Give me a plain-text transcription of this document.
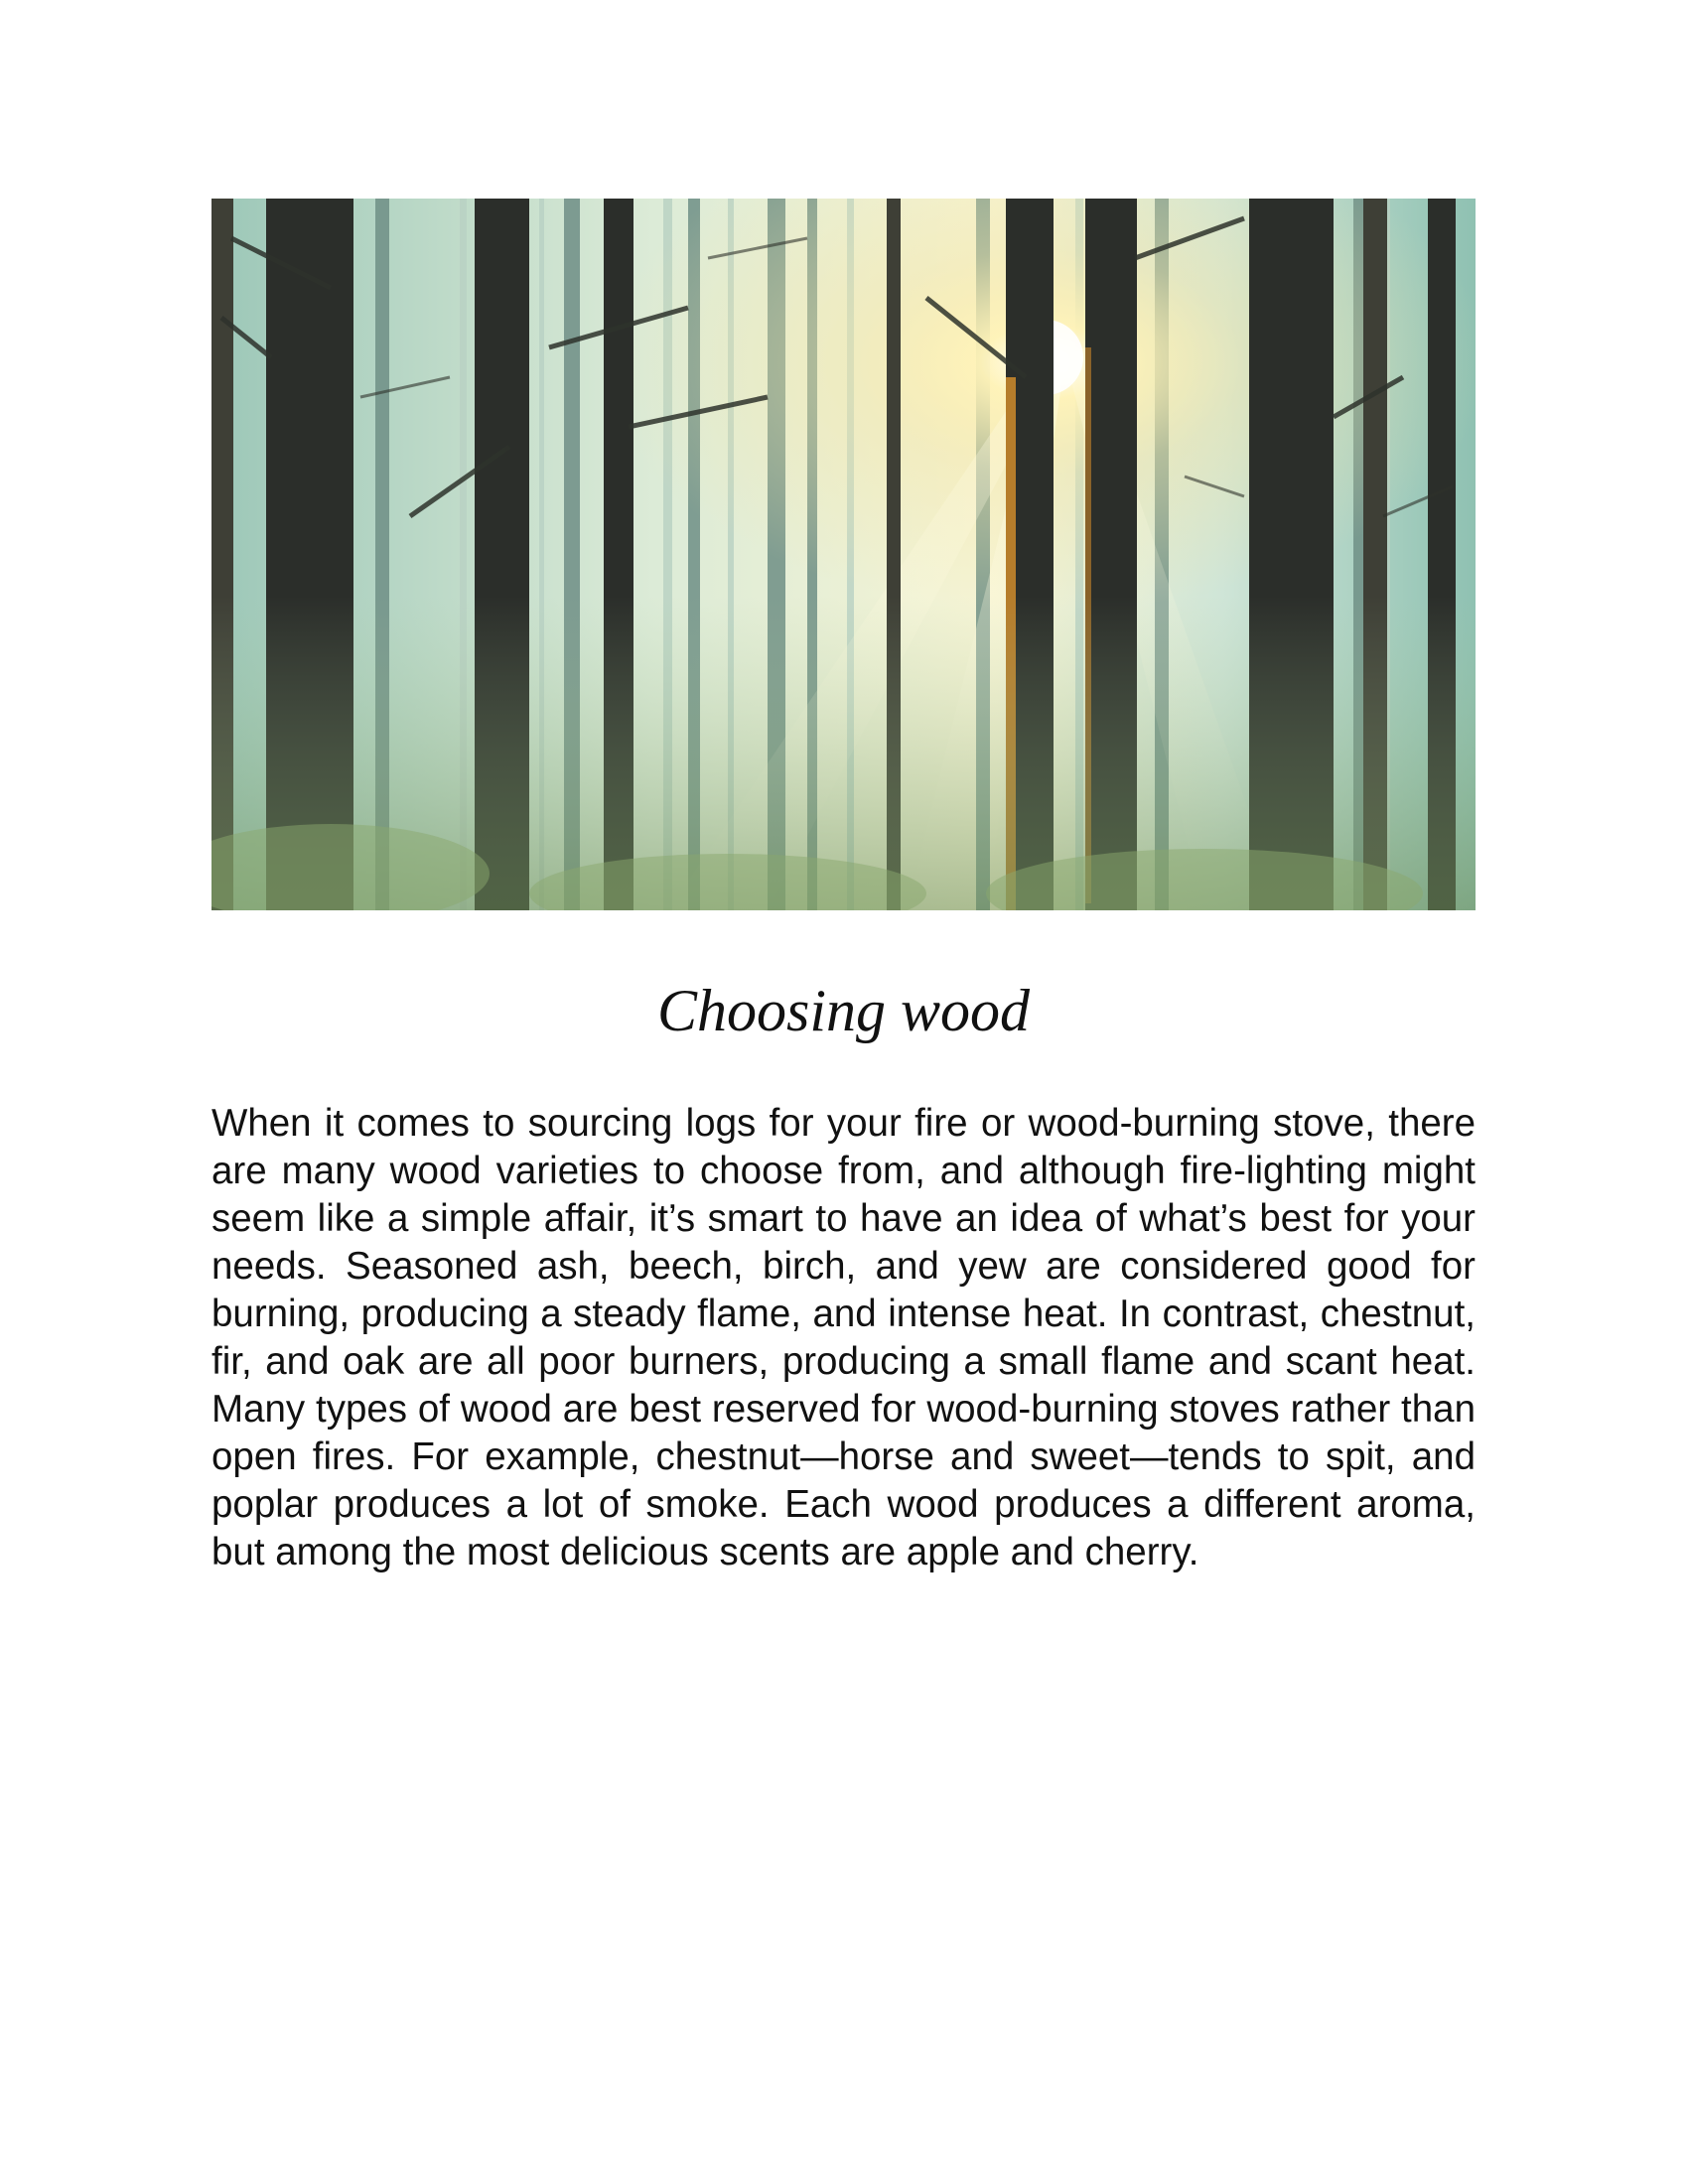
Choosing wood

When it comes to sourcing logs for your fire or wood-burning stove, there are many wood varieties to choose from, and although fire-lighting might seem like a simple affair, it’s smart to have an idea of what’s best for your needs. Seasoned ash, beech, birch, and yew are considered good for burning, producing a steady flame, and intense heat. In contrast, chestnut, fir, and oak are all poor burners, producing a small flame and scant heat. Many types of wood are best reserved for wood-burning stoves rather than open fires. For example, chestnut—horse and sweet—tends to spit, and poplar produces a lot of smoke. Each wood produces a different aroma, but among the most delicious scents are apple and cherry.
